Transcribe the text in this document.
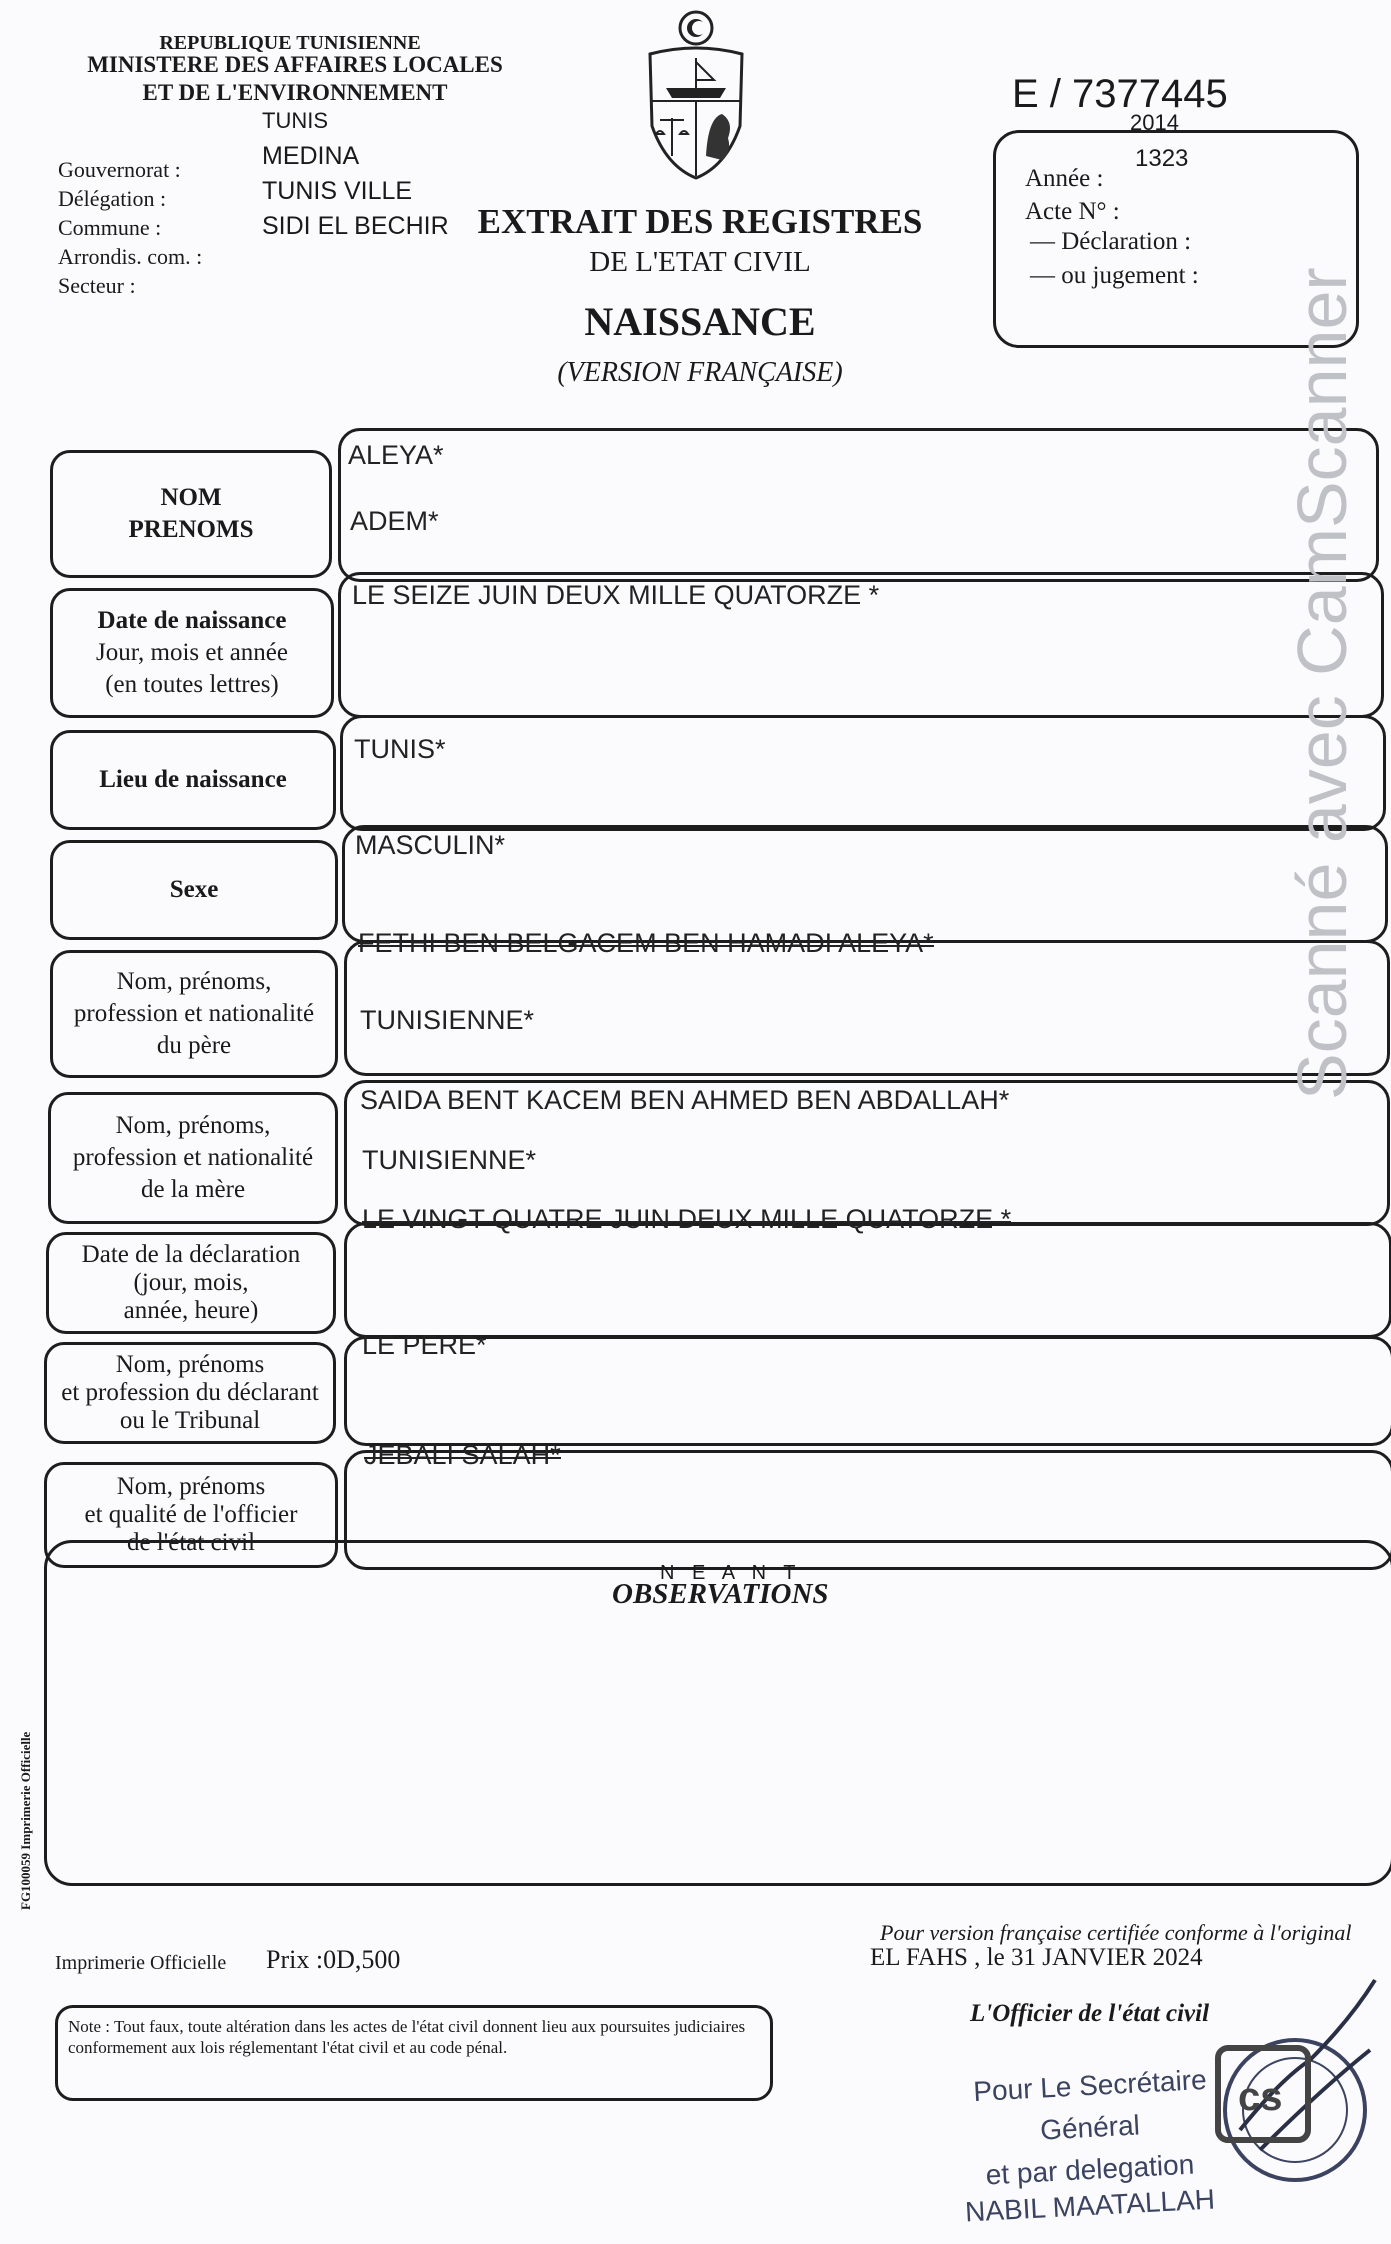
REPUBLIQUE TUNISIENNE
MINISTERE DES AFFAIRES LOCALES
ET DE L'ENVIRONNEMENT
Gouvernorat :
Délégation :
Commune :
Arrondis. com. :
Secteur :
TUNIS
MEDINA
TUNIS VILLE
SIDI EL BECHIR EXTRAIT DES REGISTRES
DE L'ETAT CIVIL
NAISSANCE
(VERSION FRANÇAISE)
E / 7377445
Année :
2014
Acte N° :
1323
— Déclaration :
— ou jugement :
NOM
PRENOMS
ALEYA*
ADEM*
Date de naissance
Jour, mois et année
(en toutes lettres)
LE SEIZE JUIN DEUX MILLE QUATORZE *
Lieu de naissance
TUNIS*
Sexe
MASCULIN*
Nom, prénoms,
profession et nationalité
du père
FETHI BEN BELGACEM BEN HAMADI ALEYA*
TUNISIENNE*
Nom, prénoms,
profession et nationalité
de la mère
SAIDA BENT KACEM BEN AHMED BEN ABDALLAH*
TUNISIENNE*
Date de la déclaration
(jour, mois,
année, heure)
LE VINGT QUATRE JUIN DEUX MILLE QUATORZE *
Nom, prénoms
et profession du déclarant
ou le Tribunal
LE PERE*
Nom, prénoms
et qualité de l'officier
de l'état civil
JEBALI SALAH*
OBSERVATIONS
N E A N T
FG100059 Imprimerie Officielle
Imprimerie Officielle Prix :0D,500
Pour version française certifiée conforme à l'original
EL FAHS , le 31 JANVIER 2024
L'Officier de l'état civil
Note : Tout faux, toute altération dans les actes de l'état civil donnent lieu aux poursuites judiciaires conformement aux lois réglementant l'état civil et au code pénal.
Pour Le Secrétaire
Général
et par delegation
NABIL MAATALLAH
cs
Scanné avec CamScanner
